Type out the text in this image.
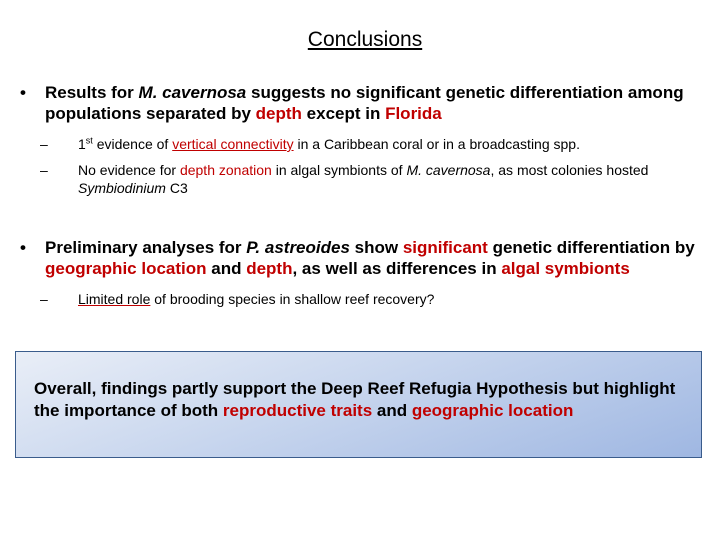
Conclusions
• Results for M. cavernosa suggests no significant genetic differentiation among populations separated by depth except in Florida
– 1st evidence of vertical connectivity in a Caribbean coral or in a broadcasting spp.
– No evidence for depth zonation in algal symbionts of M. cavernosa, as most colonies hosted Symbiodinium C3
• Preliminary analyses for P. astreoides show significant genetic differentiation by geographic location and depth, as well as differences in algal symbionts
– Limited role of brooding species in shallow reef recovery?
Overall, findings partly support the Deep Reef Refugia Hypothesis but highlight the importance of both reproductive traits and geographic location
